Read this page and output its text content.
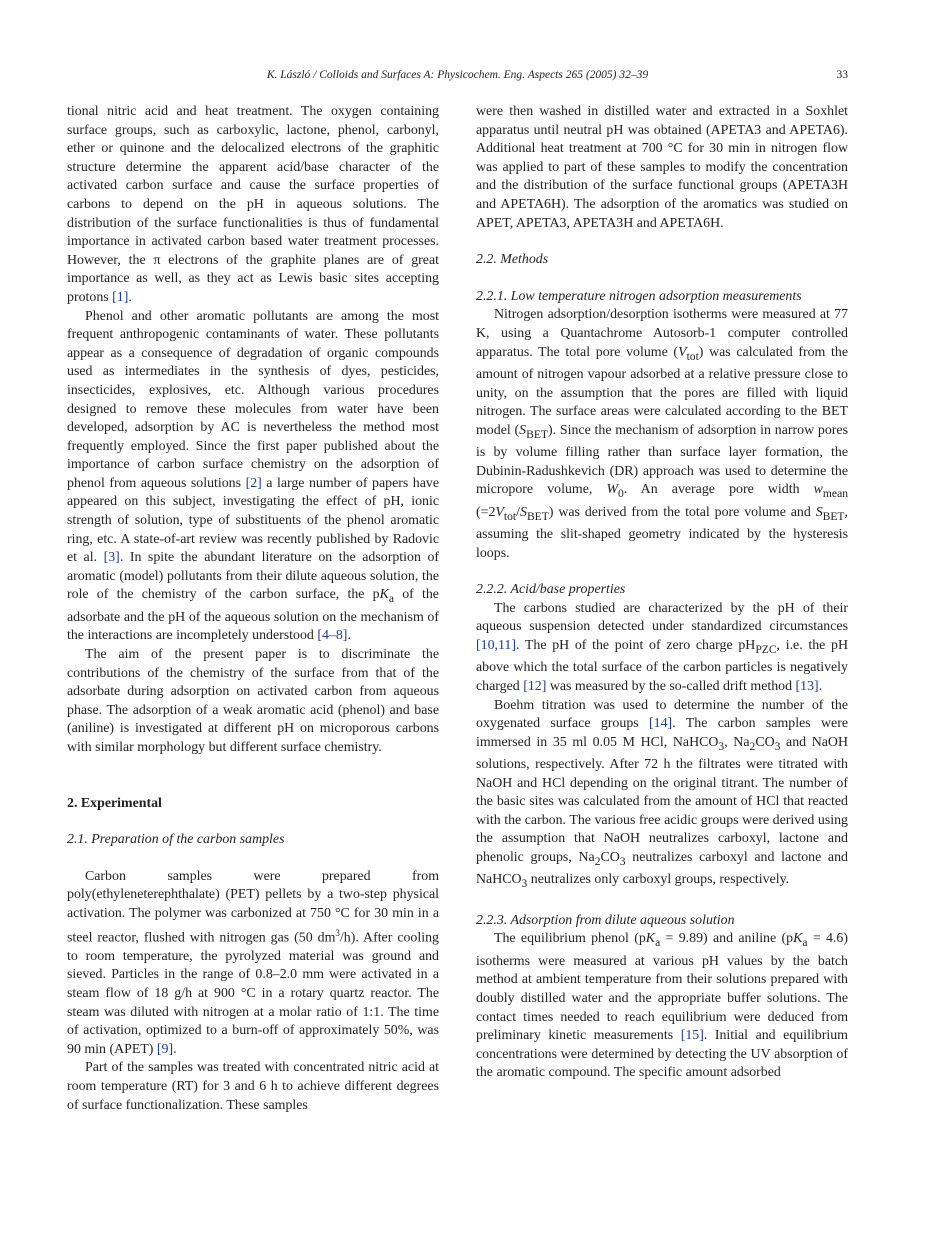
K. László / Colloids and Surfaces A: Physicochem. Eng. Aspects 265 (2005) 32–39	33

tional nitric acid and heat treatment. The oxygen containing surface groups, such as carboxylic, lactone, phenol, carbonyl, ether or quinone and the delocalized electrons of the graphitic structure determine the apparent acid/base character of the activated carbon surface and cause the surface properties of carbons to depend on the pH in aqueous solutions. The distribution of the surface functionalities is thus of fundamental importance in activated carbon based water treatment processes. However, the π electrons of the graphite planes are of great importance as well, as they act as Lewis basic sites accepting protons [1].

Phenol and other aromatic pollutants are among the most frequent anthropogenic contaminants of water. These pollutants appear as a consequence of degradation of organic compounds used as intermediates in the synthesis of dyes, pesticides, insecticides, explosives, etc. Although various procedures designed to remove these molecules from water have been developed, adsorption by AC is nevertheless the method most frequently employed. Since the first paper published about the importance of carbon surface chemistry on the adsorption of phenol from aqueous solutions [2] a large number of papers have appeared on this subject, investigating the effect of pH, ionic strength of solution, type of substituents of the phenol aromatic ring, etc. A state-of-art review was recently published by Radovic et al. [3]. In spite the abundant literature on the adsorption of aromatic (model) pollutants from their dilute aqueous solution, the role of the chemistry of the carbon surface, the $pK_a$ of the adsorbate and the pH of the aqueous solution on the mechanism of the interactions are incompletely understood [4–8].

The aim of the present paper is to discriminate the contributions of the chemistry of the surface from that of the adsorbate during adsorption on activated carbon from aqueous phase. The adsorption of a weak aromatic acid (phenol) and base (aniline) is investigated at different pH on microporous carbons with similar morphology but different surface chemistry.

2. Experimental
2.1. Preparation of the carbon samples

Carbon samples were prepared from poly(ethyleneterephthalate) (PET) pellets by a two-step physical activation. The polymer was carbonized at 750 °C for 30 min in a steel reactor, flushed with nitrogen gas (50 $dm^3/h$). After cooling to room temperature, the pyrolyzed material was ground and sieved. Particles in the range of 0.8–2.0 mm were activated in a steam flow of 18 g/h at 900 °C in a rotary quartz reactor. The steam was diluted with nitrogen at a molar ratio of 1:1. The time of activation, optimized to a burn-off of approximately 50%, was 90 min (APET) [9].

Part of the samples was treated with concentrated nitric acid at room temperature (RT) for 3 and 6 h to achieve different degrees of surface functionalization. These samples

were then washed in distilled water and extracted in a Soxhlet apparatus until neutral pH was obtained (APETA3 and APETA6). Additional heat treatment at 700 °C for 30 min in nitrogen flow was applied to part of these samples to modify the concentration and the distribution of the surface functional groups (APETA3H and APETA6H). The adsorption of the aromatics was studied on APET, APETA3, APETA3H and APETA6H.

2.2. Methods
2.2.1. Low temperature nitrogen adsorption measurements

Nitrogen adsorption/desorption isotherms were measured at 77 K, using a Quantachrome Autosorb-1 computer controlled apparatus. The total pore volume $(V_{tot})$ was calculated from the amount of nitrogen vapour adsorbed at a relative pressure close to unity, on the assumption that the pores are filled with liquid nitrogen. The surface areas were calculated according to the BET model $(S_{BET})$. Since the mechanism of adsorption in narrow pores is by volume filling rather than surface layer formation, the Dubinin-Radushkevich (DR) approach was used to determine the micropore volume, $W_0$. An average pore width $w_{mean}$ $(=2V_{tot}/S_{BET})$ was derived from the total pore volume and $S_{BET}$, assuming the slit-shaped geometry indicated by the hysteresis loops.

2.2.2. Acid/base properties

The carbons studied are characterized by the pH of their aqueous suspension detected under standardized circumstances [10,11]. The pH of the point of zero charge $pH_{PZC}$, i.e. the pH above which the total surface of the carbon particles is negatively charged [12] was measured by the so-called drift method [13].

Boehm titration was used to determine the number of the oxygenated surface groups [14]. The carbon samples were immersed in 35 ml 0.05 M HCl, NaHCO$_3$, $Na_2CO_3$ and NaOH solutions, respectively. After 72 h the filtrates were titrated with NaOH and HCl depending on the original titrant. The number of the basic sites was calculated from the amount of HCl that reacted with the carbon. The various free acidic groups were derived using the assumption that NaOH neutralizes carboxyl, lactone and phenolic groups, $Na_2CO_3$ neutralizes carboxyl and lactone and NaHCO$_3$ neutralizes only carboxyl groups, respectively.

2.2.3. Adsorption from dilute aqueous solution

The equilibrium phenol $(pK_a = 9.89)$ and aniline $(pK_a = 4.6)$ isotherms were measured at various pH values by the batch method at ambient temperature from their solutions prepared with doubly distilled water and the appropriate buffer solutions. The contact times needed to reach equilibrium were deduced from preliminary kinetic measurements [15]. Initial and equilibrium concentrations were determined by detecting the UV absorption of the aromatic compound. The specific amount adsorbed
